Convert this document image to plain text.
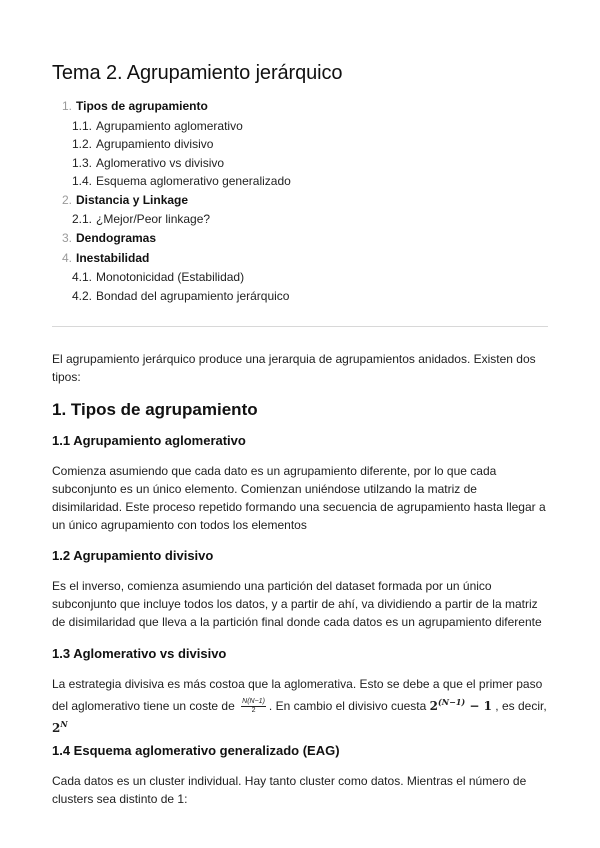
Tema 2. Agrupamiento jerárquico
1. Tipos de agrupamiento
1.1. Agrupamiento aglomerativo
1.2. Agrupamiento divisivo
1.3. Aglomerativo vs divisivo
1.4. Esquema aglomerativo generalizado
2. Distancia y Linkage
2.1. ¿Mejor/Peor linkage?
3. Dendogramas
4. Inestabilidad
4.1. Monotonicidad (Estabilidad)
4.2. Bondad del agrupamiento jerárquico

El agrupamiento jerárquico produce una jerarquia de agrupamientos anidados. Existen dos tipos:

1. Tipos de agrupamiento
1.1 Agrupamiento aglomerativo

Comienza asumiendo que cada dato es un agrupamiento diferente, por lo que cada subconjunto es un único elemento. Comienzan uniéndose utilzando la matriz de disimilaridad. Este proceso repetido formando una secuencia de agrupamiento hasta llegar a un único agrupamiento con todos los elementos

1.2 Agrupamiento divisivo

Es el inverso, comienza asumiendo una partición del dataset formada por un único subconjunto que incluye todos los datos, y a partir de ahí, va dividiendo a partir de la matriz de disimilaridad que lleva a la partición final donde cada datos es un agrupamiento diferente

1.3 Aglomerativo vs divisivo

La estrategia divisiva es más costoa que la aglomerativa. Esto se debe a que el primer paso del aglomerativo tiene un coste de $\frac{N(N-1)}{2}$ . En cambio el divisivo cuesta $2^{(N-1)} - 1$ , es decir, $2^N$

1.4 Esquema aglomerativo generalizado (EAG)

Cada datos es un cluster individual. Hay tanto cluster como datos. Mientras el número de clusters sea distinto de 1:
